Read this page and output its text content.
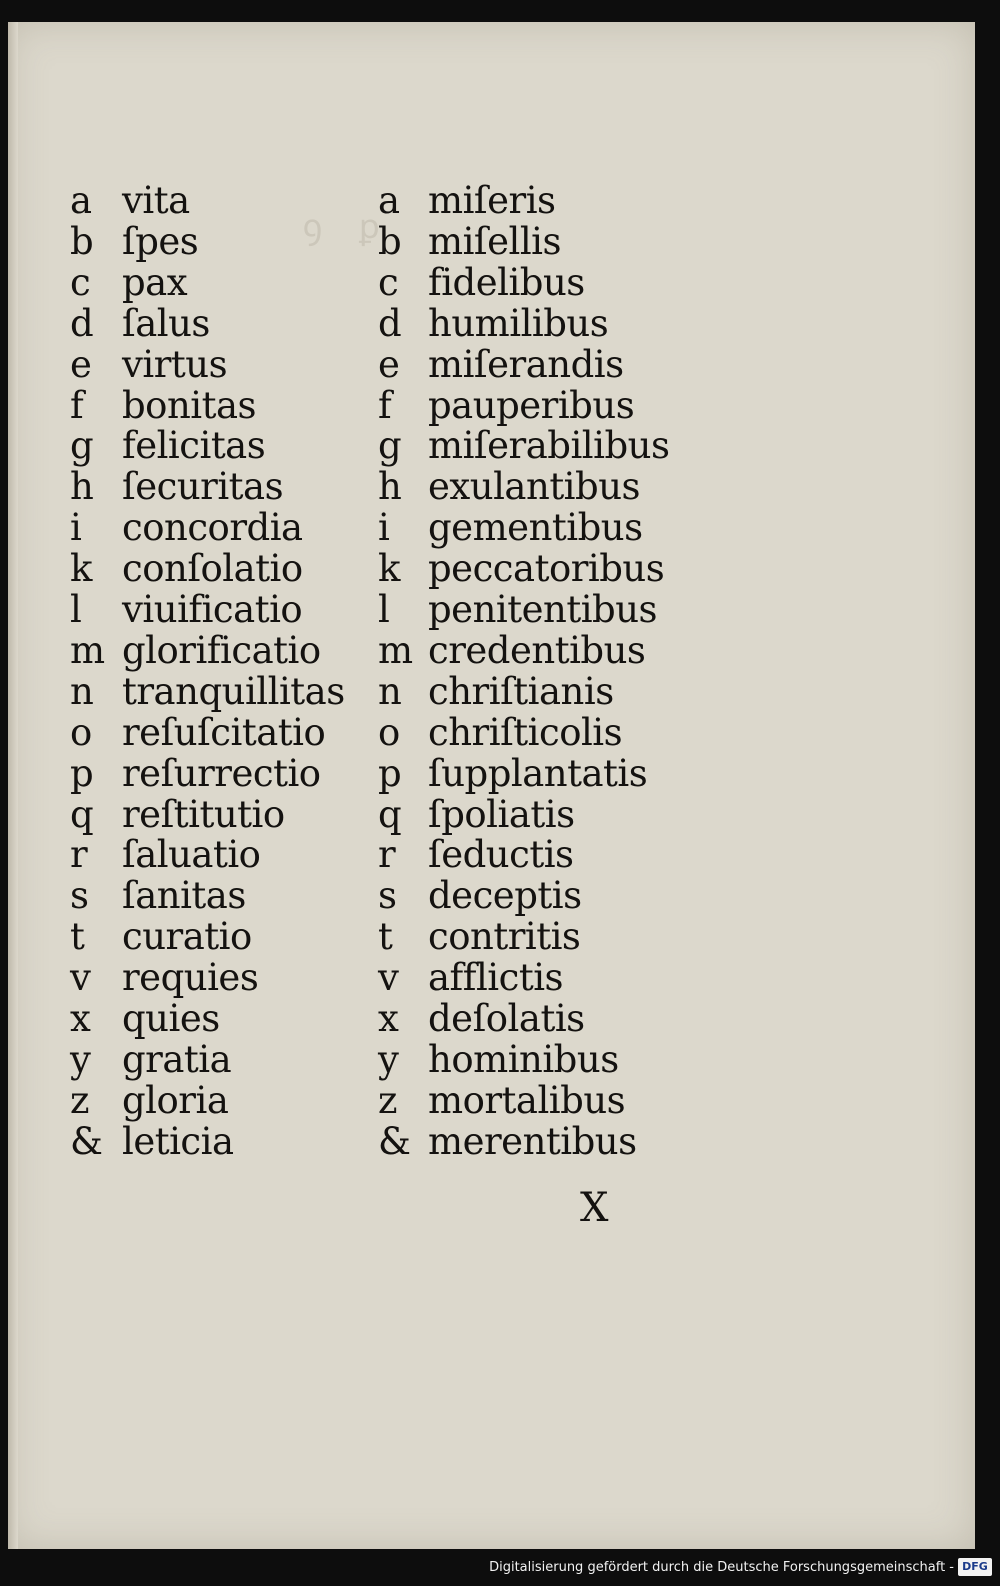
ꝯ   ꝑ
a vita
b ſpes
c pax
d ſalus
e virtus
f bonitas
g felicitas
h ſecuritas
i concordia
k conſolatio
l viuificatio
m glorificatio
n tranquillitas
o reſuſcitatio
p reſurrectio
q reſtitutio
r ſaluatio
s ſanitas
t curatio
v requies
x quies
y gratia
z gloria
& leticia
a miſeris
b miſellis
c fidelibus
d humilibus
e miſerandis
f pauperibus
g miſerabilibus
h exulantibus
i gementibus
k peccatoribus
l penitentibus
m credentibus
n chriſtianis
o chriſticolis
p ſupplantatis
q ſpoliatis
r ſeductis
s deceptis
t contritis
v afflictis
x deſolatis
y hominibus
z mortalibus
& merentibus
X
Digitalisierung gefördert durch die Deutsche Forschungsgemeinschaft - DFG
